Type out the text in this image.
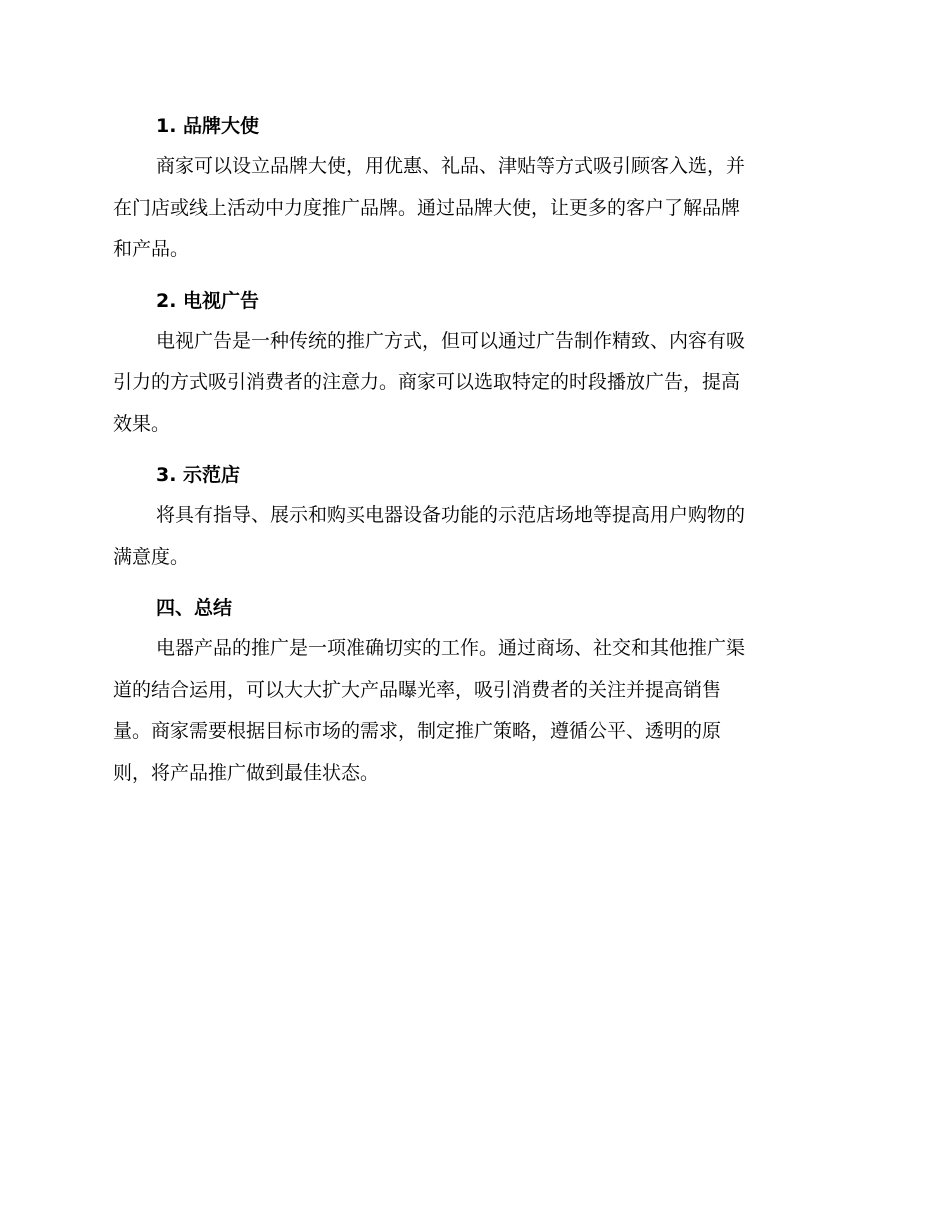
1. 品牌大使

商家可以设立品牌大使，用优惠、礼品、津贴等方式吸引顾客入选，并
在门店或线上活动中力度推广品牌。通过品牌大使，让更多的客户了解品牌
和产品。

2. 电视广告

电视广告是一种传统的推广方式，但可以通过广告制作精致、内容有吸
引力的方式吸引消费者的注意力。商家可以选取特定的时段播放广告，提高
效果。

3. 示范店

将具有指导、展示和购买电器设备功能的示范店场地等提高用户购物的
满意度。

四、总结

电器产品的推广是一项准确切实的工作。通过商场、社交和其他推广渠
道的结合运用，可以大大扩大产品曝光率，吸引消费者的关注并提高销售
量。商家需要根据目标市场的需求，制定推广策略，遵循公平、透明的原
则，将产品推广做到最佳状态。
